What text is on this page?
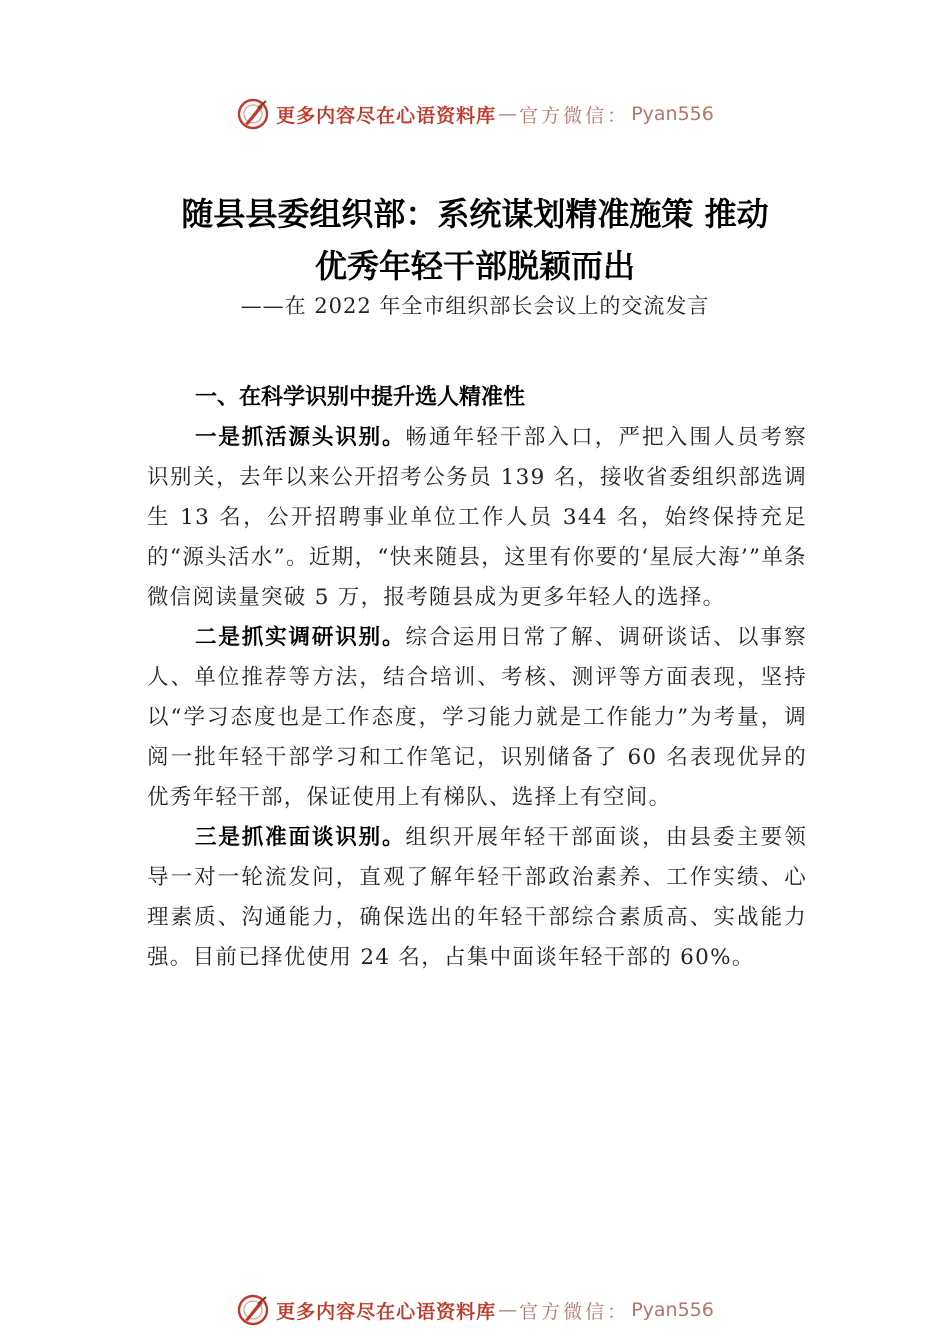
更多内容尽在心语资料库 — 官方微信： Pyan556
随县县委组织部：系统谋划精准施策 推动
优秀年轻干部脱颖而出
——在 2022 年全市组织部长会议上的交流发言

一、在科学识别中提升选人精准性

一是抓活源头识别。畅通年轻干部入口，严把入围人员考察识别关，去年以来公开招考公务员 139 名，接收省委组织部选调生 13 名，公开招聘事业单位工作人员 344 名，始终保持充足的“源头活水”。近期，“快来随县，这里有你要的‘星辰大海’”单条微信阅读量突破 5 万，报考随县成为更多年轻人的选择。

二是抓实调研识别。综合运用日常了解、调研谈话、以事察人、单位推荐等方法，结合培训、考核、测评等方面表现，坚持以“学习态度也是工作态度，学习能力就是工作能力”为考量，调阅一批年轻干部学习和工作笔记，识别储备了 60 名表现优异的优秀年轻干部，保证使用上有梯队、选择上有空间。

三是抓准面谈识别。组织开展年轻干部面谈，由县委主要领导一对一轮流发问，直观了解年轻干部政治素养、工作实绩、心理素质、沟通能力，确保选出的年轻干部综合素质高、实战能力强。目前已择优使用 24 名，占集中面谈年轻干部的 60%。

更多内容尽在心语资料库 — 官方微信： Pyan556
